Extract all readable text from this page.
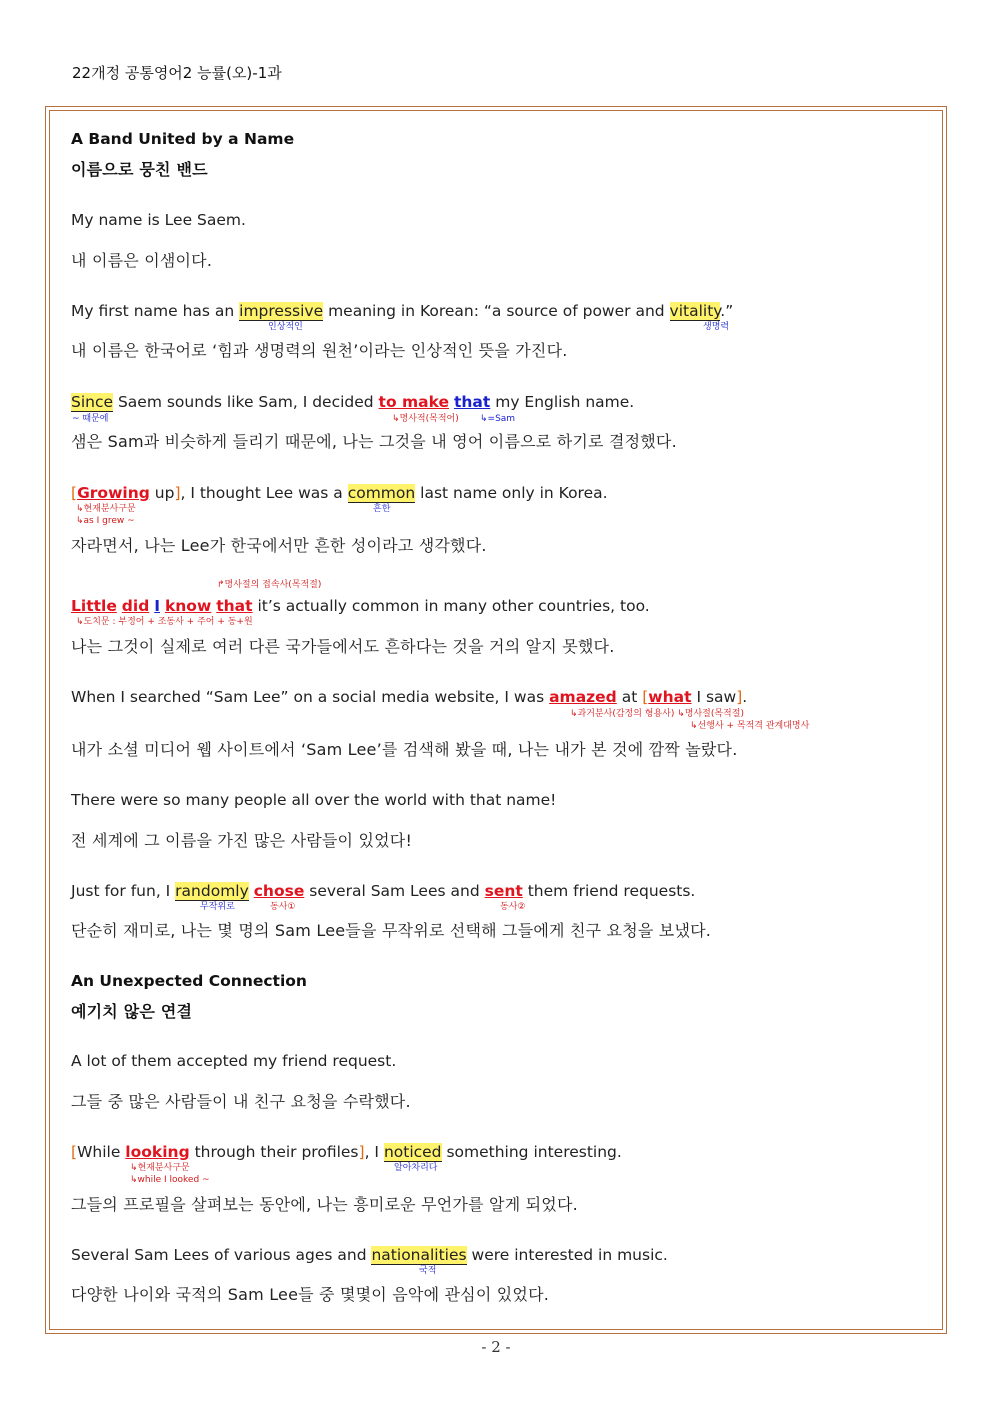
22개정 공통영어2 능률(오)-1과
A Band United by a Name
이름으로 뭉친 밴드
My name is Lee Saem.
내 이름은 이샘이다.
My first name has an impressive meaning in Korean: “a source of power and vitality.”
인상적인	생명력
내 이름은 한국어로 ‘힘과 생명력의 원천’이라는 인상적인 뜻을 가진다.
Since Saem sounds like Sam, I decided to make that my English name.
~ 때문에	↳명사적(목적어) ↳=Sam
샘은 Sam과 비슷하게 들리기 때문에, 나는 그것을 내 영어 이름으로 하기로 결정했다.
[Growing up], I thought Lee was a common last name only in Korea.
↳현재분사구문
↳as I grew ~
흔한
자라면서, 나는 Lee가 한국에서만 흔한 성이라고 생각했다.
↱명사절의 접속사(목적절)
Little did I know that it’s actually common in many other countries, too.
↳도치문 : 부정어 + 조동사 + 주어 + 동+원
나는 그것이 실제로 여러 다른 국가들에서도 흔하다는 것을 거의 알지 못했다.
When I searched “Sam Lee” on a social media website, I was amazed at [what I saw].
↳과거분사(감정의 형용사) ↳명사절(목적절)
↳선행사 + 목적격 관계대명사
내가 소셜 미디어 웹 사이트에서 ‘Sam Lee’를 검색해 봤을 때, 나는 내가 본 것에 깜짝 놀랐다.
There were so many people all over the world with that name!
전 세계에 그 이름을 가진 많은 사람들이 있었다!
Just for fun, I randomly chose several Sam Lees and sent them friend requests.
무작위로	동사①	동사②
단순히 재미로, 나는 몇 명의 Sam Lee들을 무작위로 선택해 그들에게 친구 요청을 보냈다.
An Unexpected Connection
예기치 않은 연결
A lot of them accepted my friend request.
그들 중 많은 사람들이 내 친구 요청을 수락했다.
[While looking through their profiles], I noticed something interesting.
↳현재분사구문
↳while I looked ~
알아차리다
그들의 프로필을 살펴보는 동안에, 나는 흥미로운 무언가를 알게 되었다.
Several Sam Lees of various ages and nationalities were interested in music.
국적
다양한 나이와 국적의 Sam Lee들 중 몇몇이 음악에 관심이 있었다.
- 2 -
